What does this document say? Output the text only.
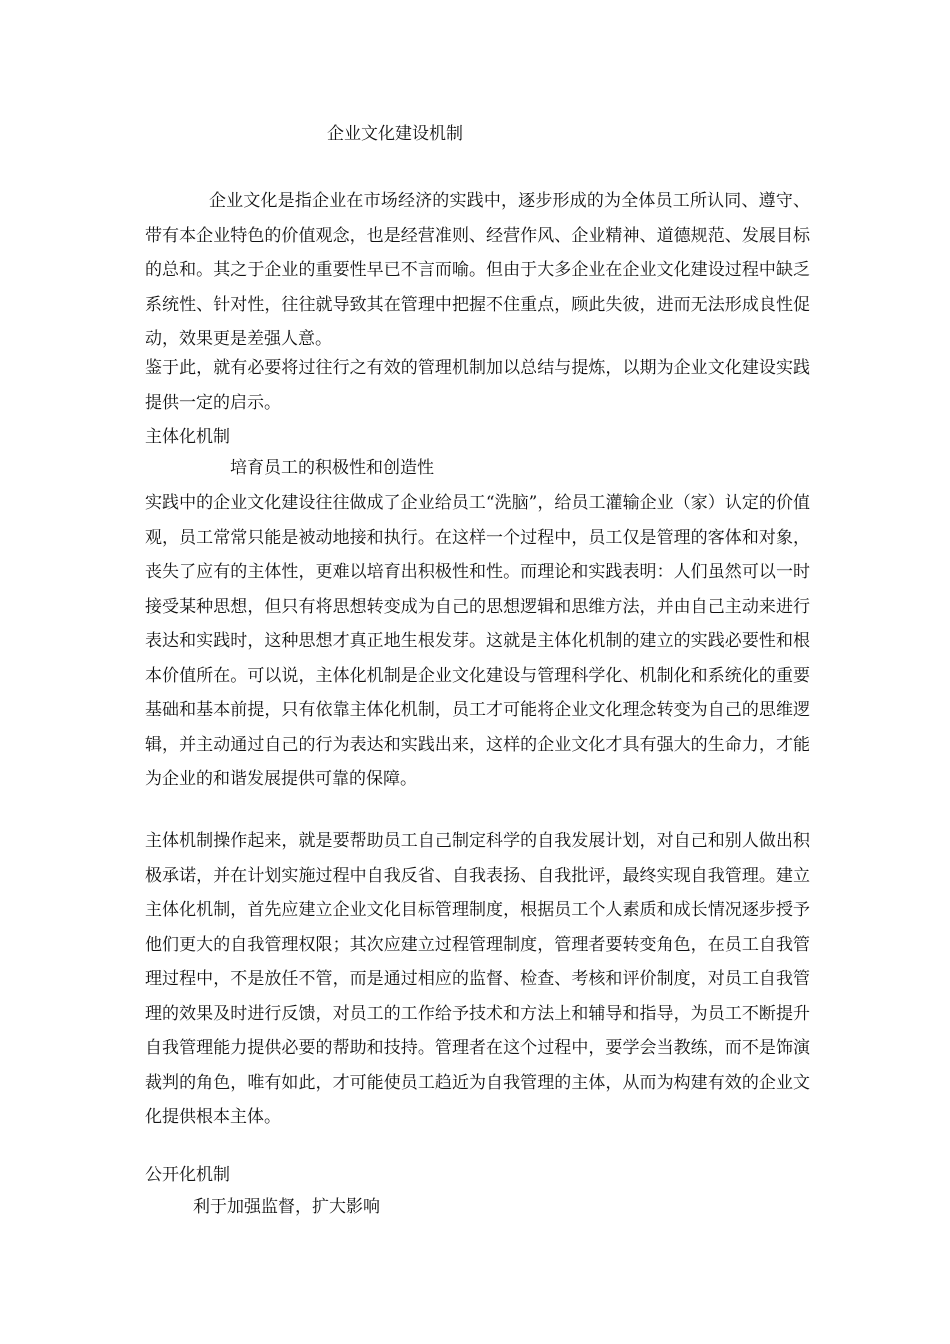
企业文化建设机制

企业文化是指企业在市场经济的实践中，逐步形成的为全体员工所认同、遵守、带有本企业特色的价值观念，也是经营准则、经营作风、企业精神、道德规范、发展目标的总和。其之于企业的重要性早已不言而喻。但由于大多企业在企业文化建设过程中缺乏系统性、针对性，往往就导致其在管理中把握不住重点，顾此失彼，进而无法形成良性促动，效果更是差强人意。

鉴于此，就有必要将过往行之有效的管理机制加以总结与提炼，以期为企业文化建设实践提供一定的启示。

主体化机制
培育员工的积极性和创造性

实践中的企业文化建设往往做成了企业给员工“洗脑”，给员工灌输企业（家）认定的价值观，员工常常只能是被动地接和执行。在这样一个过程中，员工仅是管理的客体和对象，丧失了应有的主体性，更难以培育出积极性和性。而理论和实践表明：人们虽然可以一时接受某种思想，但只有将思想转变成为自己的思想逻辑和思维方法，并由自己主动来进行表达和实践时，这种思想才真正地生根发芽。这就是主体化机制的建立的实践必要性和根本价值所在。可以说，主体化机制是企业文化建设与管理科学化、机制化和系统化的重要基础和基本前提，只有依靠主体化机制，员工才可能将企业文化理念转变为自己的思维逻辑，并主动通过自己的行为表达和实践出来，这样的企业文化才具有强大的生命力，才能为企业的和谐发展提供可靠的保障。

主体机制操作起来，就是要帮助员工自己制定科学的自我发展计划，对自己和别人做出积极承诺，并在计划实施过程中自我反省、自我表扬、自我批评，最终实现自我管理。建立主体化机制，首先应建立企业文化目标管理制度，根据员工个人素质和成长情况逐步授予他们更大的自我管理权限；其次应建立过程管理制度，管理者要转变角色，在员工自我管理过程中，不是放任不管，而是通过相应的监督、检查、考核和评价制度，对员工自我管理的效果及时进行反馈，对员工的工作给予技术和方法上和辅导和指导，为员工不断提升自我管理能力提供必要的帮助和技持。管理者在这个过程中，要学会当教练，而不是饰演裁判的角色，唯有如此，才可能使员工趋近为自我管理的主体，从而为构建有效的企业文化提供根本主体。

公开化机制
利于加强监督，扩大影响
